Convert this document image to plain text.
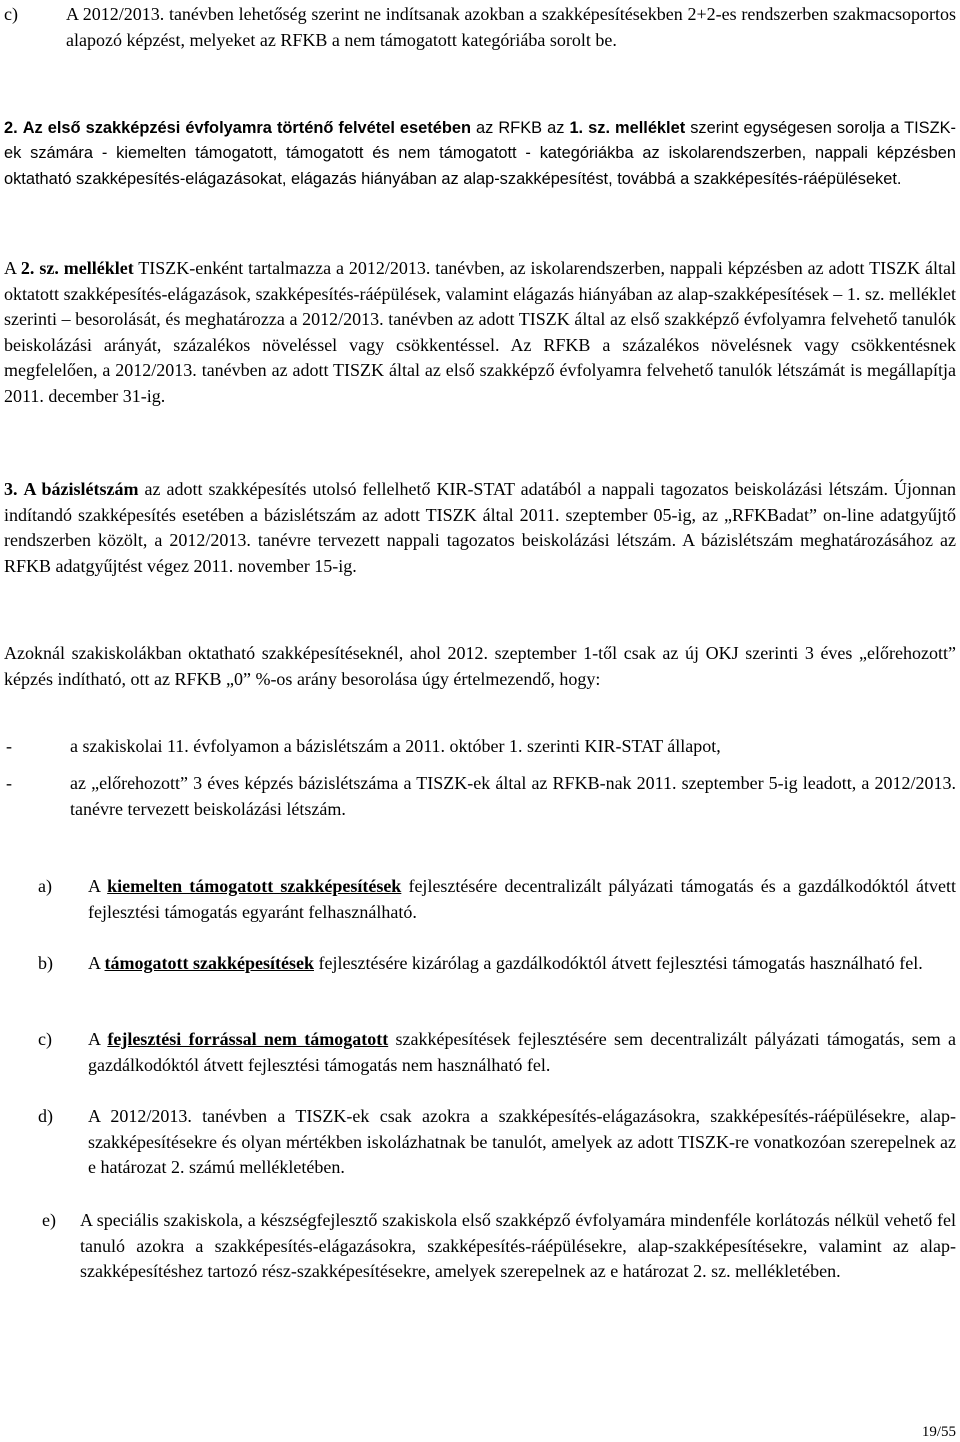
c)	A 2012/2013. tanévben lehetőség szerint ne indítsanak azokban a szakképesítésekben 2+2-es rendszerben szakmacsoportos alapozó képzést, melyeket az RFKB a nem támogatott kategóriába sorolt be.

2. Az első szakképzési évfolyamra történő felvétel esetében az RFKB az 1. sz. melléklet szerint egységesen sorolja a TISZK-ek számára - kiemelten támogatott, támogatott és nem támogatott - kategóriákba az iskolarendszerben, nappali képzésben oktatható szakképesítés-elágazásokat, elágazás hiányában az alap-szakképesítést, továbbá a szakképesítés-ráépüléseket.

A 2. sz. melléklet TISZK-enként tartalmazza a 2012/2013. tanévben, az iskolarendszerben, nappali képzésben az adott TISZK által oktatott szakképesítés-elágazások, szakképesítés-ráépülések, valamint elágazás hiányában az alap-szakképesítések – 1. sz. melléklet szerinti – besorolását, és meghatározza a 2012/2013. tanévben az adott TISZK által az első szakképző évfolyamra felvehető tanulók beiskolázási arányát, százalékos növeléssel vagy csökkentéssel. Az RFKB a százalékos növelésnek vagy csökkentésnek megfelelően, a 2012/2013. tanévben az adott TISZK által az első szakképző évfolyamra felvehető tanulók létszámát is megállapítja 2011. december 31-ig.

3. A bázislétszám az adott szakképesítés utolsó fellelhető KIR-STAT adatából a nappali tagozatos beiskolázási létszám. Újonnan indítandó szakképesítés esetében a bázislétszám az adott TISZK által 2011. szeptember 05-ig, az „RFKBadat” on-line adatgyűjtő rendszerben közölt, a 2012/2013. tanévre tervezett nappali tagozatos beiskolázási létszám. A bázislétszám meghatározásához az RFKB adatgyűjtést végez 2011. november 15-ig.

Azoknál szakiskolákban oktatható szakképesítéseknél, ahol 2012. szeptember 1-től csak az új OKJ szerinti 3 éves „előrehozott” képzés indítható, ott az RFKB „0” %-os arány besorolása úgy értelmezendő, hogy:

-	a szakiskolai 11. évfolyamon a bázislétszám a 2011. október 1. szerinti KIR-STAT állapot,
-	az „előrehozott” 3 éves képzés bázislétszáma a TISZK-ek által az RFKB-nak 2011. szeptember 5-ig leadott, a 2012/2013. tanévre tervezett beiskolázási létszám.
a) A kiemelten támogatott szakképesítések fejlesztésére decentralizált pályázati támogatás és a gazdálkodóktól átvett fejlesztési támogatás egyaránt felhasználható.
b) A támogatott szakképesítések fejlesztésére kizárólag a gazdálkodóktól átvett fejlesztési támogatás használható fel.
c) A fejlesztési forrással nem támogatott szakképesítések fejlesztésére sem decentralizált pályázati támogatás, sem a gazdálkodóktól átvett fejlesztési támogatás nem használható fel.
d) A 2012/2013. tanévben a TISZK-ek csak azokra a szakképesítés-elágazásokra, szakképesítés-ráépülésekre, alap-szakképesítésekre és olyan mértékben iskolázhatnak be tanulót, amelyek az adott TISZK-re vonatkozóan szerepelnek az e határozat 2. számú mellékletében.
e) A speciális szakiskola, a készségfejlesztő szakiskola első szakképző évfolyamára mindenféle korlátozás nélkül vehető fel tanuló azokra a szakképesítés-elágazásokra, szakképesítés-ráépülésekre, alap-szakképesítésekre, valamint az alap-szakképesítéshez tartozó rész-szakképesítésekre, amelyek szerepelnek az e határozat 2. sz. mellékletében.
19/55
